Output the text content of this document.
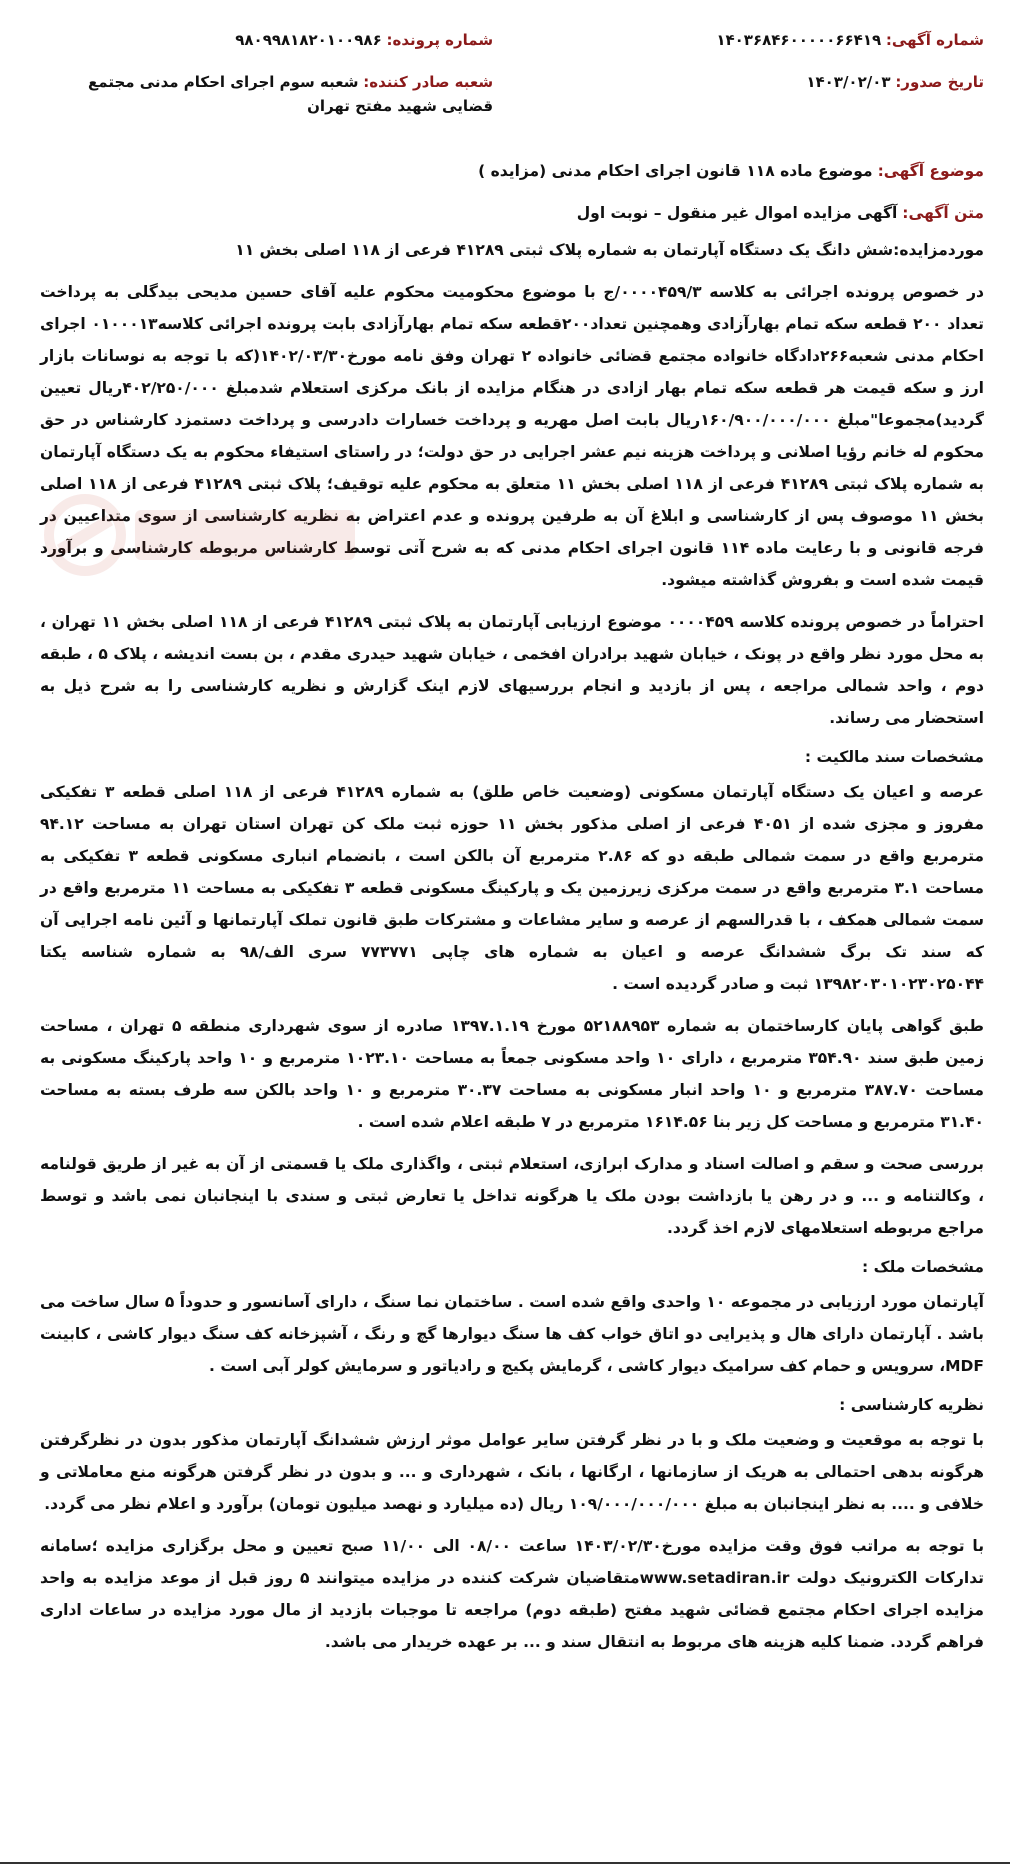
شماره آگهی: ۱۴۰۳۶۸۴۶۰۰۰۰۰۶۶۴۱۹
تاریخ صدور: ۱۴۰۳/۰۲/۰۳
شماره پرونده: ۹۸۰۹۹۸۱۸۲۰۱۰۰۹۸۶
شعبه صادر کننده: شعبه سوم اجرای احکام مدنی مجتمع قضایی شهید مفتح تهران

موضوع آگهی: موضوع ماده ۱۱۸ قانون اجرای احکام مدنی (مزایده )

متن آگهی: آگهی مزایده اموال غیر منقول – نوبت اول

موردمزایده:شش دانگ یک دستگاه آپارتمان به شماره پلاک ثبتی ۴۱۲۸۹ فرعی از ۱۱۸ اصلی بخش ۱۱

در خصوص پرونده اجرائی به کلاسه ۰۰۰۰۴۵۹/۳/ج با موضوع محکومیت محکوم علیه آقای حسین مدیحی بیدگلی به پرداخت تعداد ۲۰۰ قطعه سکه تمام بهارآزادی وهمچنین تعداد۲۰۰قطعه سکه تمام بهارآزادی بابت پرونده اجرائی کلاسه۰۱۰۰۰۱۳ اجرای احکام مدنی شعبه۲۶۶دادگاه خانواده مجتمع قضائی خانواده ۲ تهران وفق نامه مورخ۱۴۰۲/۰۳/۳۰(که با توجه به نوسانات بازار ارز و سکه قیمت هر قطعه سکه تمام بهار ازادی در هنگام مزایده از بانک مرکزی استعلام شدمبلغ ۴۰۲/۲۵۰/۰۰۰ریال تعیین گردید)مجموعا"مبلغ ۱۶۰/۹۰۰/۰۰۰/۰۰۰ریال بابت اصل مهریه و پرداخت خسارات دادرسی و پرداخت دستمزد کارشناس در حق محکوم له خانم رؤیا اصلانی و پرداخت هزینه نیم عشر اجرایی در حق دولت؛ در راستای استیفاء محکوم به یک دستگاه آپارتمان به شماره پلاک ثبتی ۴۱۲۸۹ فرعی از ۱۱۸ اصلی بخش ۱۱ متعلق به محکوم علیه توقیف؛ پلاک ثبتی ۴۱۲۸۹ فرعی از ۱۱۸ اصلی بخش ۱۱ موصوف پس از کارشناسی و ابلاغ آن به طرفین پرونده و عدم اعتراض به نظریه کارشناسی از سوی متداعیین در فرجه قانونی و با رعایت ماده ۱۱۴ قانون اجرای احکام مدنی که به شرح آتی توسط کارشناس مربوطه کارشناسی و برآورد قیمت شده است و بفروش گذاشته میشود.

احتراماً در خصوص پرونده کلاسه ۰۰۰۰۴۵۹ موضوع ارزیابی آپارتمان به پلاک ثبتی ۴۱۲۸۹ فرعی از ۱۱۸ اصلی بخش ۱۱ تهران ، به محل مورد نظر واقع در پونک ، خیابان شهید برادران افخمی ، خیابان شهید حیدری مقدم ، بن بست اندیشه ، پلاک ۵ ، طبقه دوم ، واحد شمالی مراجعه ، پس از بازدید و انجام بررسیهای لازم اینک گزارش و نظریه کارشناسی را به شرح ذیل به استحضار می رساند.

مشخصات سند مالکیت :

عرصه و اعیان یک دستگاه آپارتمان مسکونی (وضعیت خاص طلق) به شماره ۴۱۲۸۹ فرعی از ۱۱۸ اصلی قطعه ۳ تفکیکی مفروز و مجزی شده از ۴۰۵۱ فرعی از اصلی مذکور بخش ۱۱ حوزه ثبت ملک کن تهران استان تهران به مساحت ۹۴.۱۲ مترمربع واقع در سمت شمالی طبقه دو که ۲.۸۶ مترمربع آن بالکن است ، بانضمام انباری مسکونی قطعه ۳ تفکیکی به مساحت ۳.۱ مترمربع واقع در سمت مرکزی زیرزمین یک و پارکینگ مسکونی قطعه ۳ تفکیکی به مساحت ۱۱ مترمربع واقع در سمت شمالی همکف ، با قدرالسهم از عرصه و سایر مشاعات و مشترکات طبق قانون تملک آپارتمانها و آئین نامه اجرایی آن که سند تک برگ ششدانگ عرصه و اعیان به شماره های چاپی ۷۷۳۷۷۱ سری الف/۹۸ به شماره شناسه یکتا ۱۳۹۸۲۰۳۰۱۰۲۳۰۲۵۰۴۴ ثبت و صادر گردیده است .

طبق گواهی پایان کارساختمان به شماره ۵۲۱۸۸۹۵۳ مورخ ۱۳۹۷.۱.۱۹ صادره از سوی شهرداری منطقه ۵ تهران ، مساحت زمین طبق سند ۳۵۴.۹۰ مترمربع ، دارای ۱۰ واحد مسکونی جمعاً به مساحت ۱۰۲۳.۱۰ مترمربع و ۱۰ واحد پارکینگ مسکونی به مساحت ۳۸۷.۷۰ مترمربع و ۱۰ واحد انبار مسکونی به مساحت ۳۰.۳۷ مترمربع و ۱۰ واحد بالکن سه طرف بسته به مساحت ۳۱.۴۰ مترمربع و مساحت کل زیر بنا ۱۶۱۴.۵۶ مترمربع در ۷ طبقه اعلام شده است .

بررسی صحت و سقم و اصالت اسناد و مدارک ابرازی، استعلام ثبتی ، واگذاری ملک یا قسمتی از آن به غیر از طریق قولنامه ، وکالتنامه و ... و در رهن یا بازداشت بودن ملک یا هرگونه تداخل یا تعارض ثبتی و سندی با اینجانبان نمی باشد و توسط مراجع مربوطه استعلامهای لازم اخذ گردد.

مشخصات ملک :

آپارتمان مورد ارزیابی در مجموعه ۱۰ واحدی واقع شده است . ساختمان نما سنگ ، دارای آسانسور و حدوداً ۵ سال ساخت می باشد . آپارتمان دارای هال و پذیرایی دو اتاق خواب کف ها سنگ دیوارها گچ و رنگ ، آشپزخانه کف سنگ دیوار کاشی ، کابینت MDF، سرویس و حمام کف سرامیک دیوار کاشی ، گرمایش پکیج و رادیاتور و سرمایش کولر آبی است .

نظریه کارشناسی :

با توجه به موقعیت و وضعیت ملک و با در نظر گرفتن سایر عوامل موثر ارزش ششدانگ آپارتمان مذکور بدون در نظرگرفتن هرگونه بدهی احتمالی به هریک از سازمانها ، ارگانها ، بانک ، شهرداری و ... و بدون در نظر گرفتن هرگونه منع معاملاتی و خلافی و .... به نظر اینجانبان به مبلغ ۱۰۹/۰۰۰/۰۰۰/۰۰۰ ریال (ده میلیارد و نهصد میلیون تومان) برآورد و اعلام نظر می گردد.

با توجه به مراتب فوق وقت مزایده مورخ۱۴۰۳/۰۲/۳۰ ساعت ۰۸/۰۰ الی ۱۱/۰۰ صبح تعیین و محل برگزاری مزایده ؛سامانه تدارکات الکترونیک دولت www.setadiran.irمتقاضیان شرکت کننده در مزایده میتوانند ۵ روز قبل از موعد مزایده به واحد مزایده اجرای احکام مجتمع قضائی شهید مفتح (طبقه دوم) مراجعه تا موجبات بازدید از مال مورد مزایده در ساعات اداری فراهم گردد. ضمنا کلیه هزینه های مربوط به انتقال سند و ... بر عهده خریدار می باشد.
